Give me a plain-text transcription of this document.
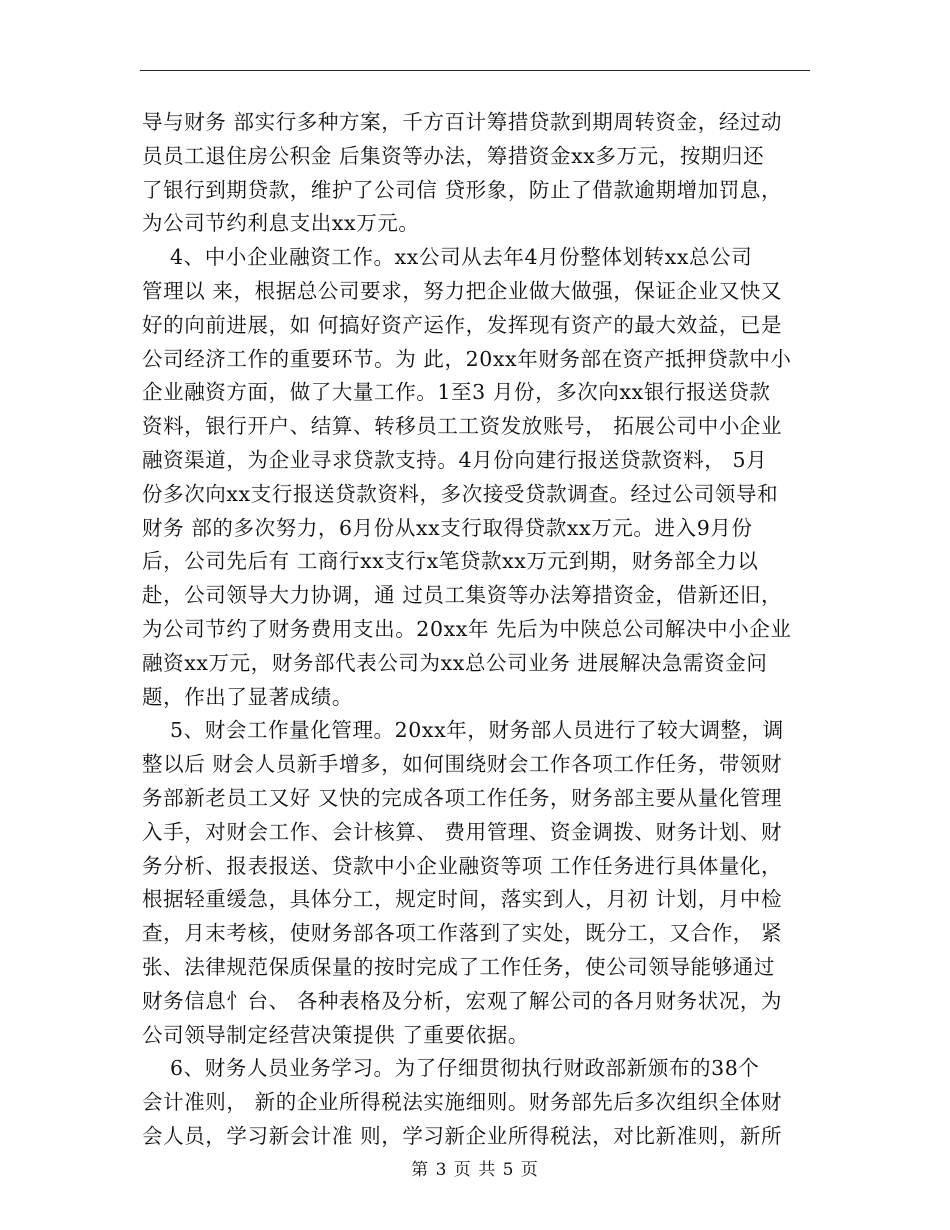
导与财务 部实行多种方案，千方百计筹措贷款到期周转资金，经过动
员员工退住房公积金 后集资等办法，筹措资金xx多万元，按期归还
了银行到期贷款，维护了公司信 贷形象，防止了借款逾期增加罚息，
为公司节约利息支出xx万元。
4、中小企业融资工作。xx公司从去年4月份整体划转xx总公司
管理以 来，根据总公司要求，努力把企业做大做强，保证企业又快又
好的向前进展，如 何搞好资产运作，发挥现有资产的最大效益，已是
公司经济工作的重要环节。为 此，20xx年财务部在资产抵押贷款中小
企业融资方面，做了大量工作。1至3 月份，多次向xx银行报送贷款
资料，银行开户、结算、转移员工工资发放账号， 拓展公司中小企业
融资渠道，为企业寻求贷款支持。4月份向建行报送贷款资料， 5月
份多次向xx支行报送贷款资料，多次接受贷款调查。经过公司领导和
财务 部的多次努力，6月份从xx支行取得贷款xx万元。进入9月份
后，公司先后有 工商行xx支行x笔贷款xx万元到期，财务部全力以
赴，公司领导大力协调，通 过员工集资等办法筹措资金，借新还旧，
为公司节约了财务费用支出。20xx年 先后为中陕总公司解决中小企业
融资xx万元，财务部代表公司为xx总公司业务 进展解决急需资金问
题，作出了显著成绩。
5、财会工作量化管理。20xx年，财务部人员进行了较大调整，调
整以后 财会人员新手增多，如何围绕财会工作各项工作任务，带领财
务部新老员工又好 又快的完成各项工作任务，财务部主要从量化管理
入手，对财会工作、会计核算、 费用管理、资金调拨、财务计划、财
务分析、报表报送、贷款中小企业融资等项 工作任务进行具体量化，
根据轻重缓急，具体分工，规定时间，落实到人，月初 计划，月中检
查，月末考核，使财务部各项工作落到了实处，既分工，又合作， 紧
张、法律规范保质保量的按时完成了工作任务，使公司领导能够通过
财务信息忄台、 各种表格及分析，宏观了解公司的各月财务状况，为
公司领导制定经营决策提供 了重要依据。
6、财务人员业务学习。为了仔细贯彻执行财政部新颁布的38个
会计准则， 新的企业所得税法实施细则。财务部先后多次组织全体财
会人员，学习新会计准 则，学习新企业所得税法，对比新准则，新所
第 3 页 共 5 页
